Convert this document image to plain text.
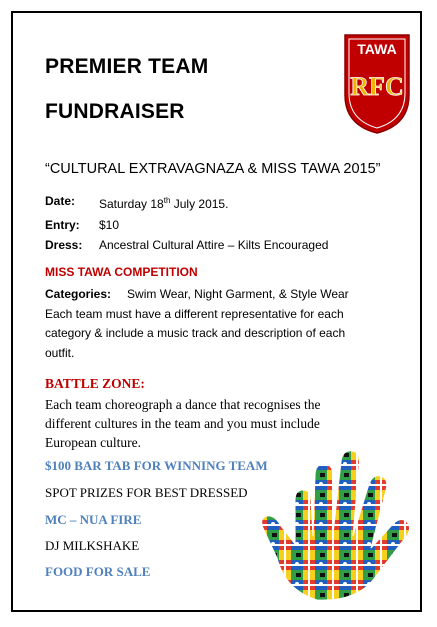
PREMIER TEAM
FUNDRAISER
TAWA
RFC
“CULTURAL EXTRAVAGNAZA & MISS TAWA 2015”
Date:	Saturday 18th July 2015.
Entry:	$10
Dress:	Ancestral Cultural Attire – Kilts Encouraged
MISS TAWA COMPETITION
Categories: Swim Wear, Night Garment, & Style Wear
Each team must have a different representative for each category & include a music track and description of each outfit.
BATTLE ZONE:
Each team choreograph a dance that recognises the different cultures in the team and you must include European culture.
$100 BAR TAB FOR WINNING TEAM
SPOT PRIZES FOR BEST DRESSED
MC – NUA FIRE
DJ MILKSHAKE
FOOD FOR SALE
